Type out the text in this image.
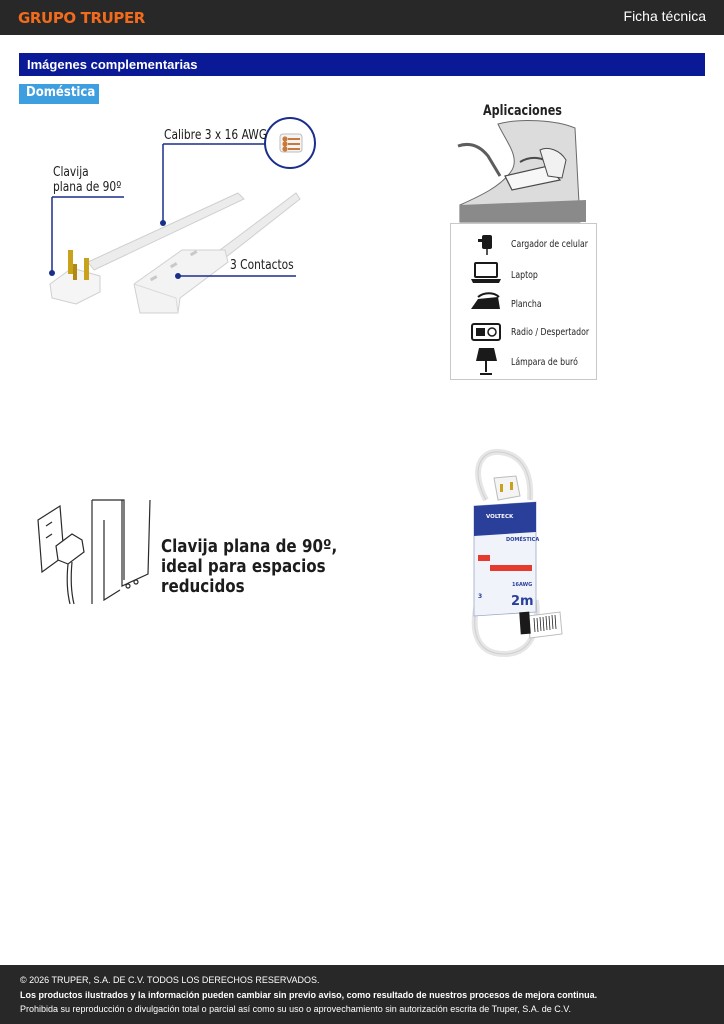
GRUPO TRUPER	Ficha técnica
Imágenes complementarias
Doméstica
Calibre 3 x 16 AWG
Clavija
plana de 90º
3 Contactos
Aplicaciones
Cargador de celular
Laptop
Plancha
Radio / Despertador
Lámpara de buró
Clavija plana de 90º,
ideal para espacios
reducidos
VOLTECK
DOMÉSTICA
16AWG
3 2m
© 2026 TRUPER, S.A. DE C.V. TODOS LOS DERECHOS RESERVADOS.
Los productos ilustrados y la información pueden cambiar sin previo aviso, como resultado de nuestros procesos de mejora continua.
Prohibida su reproducción o divulgación total o parcial así como su uso o aprovechamiento sin autorización escrita de Truper, S.A. de C.V.
